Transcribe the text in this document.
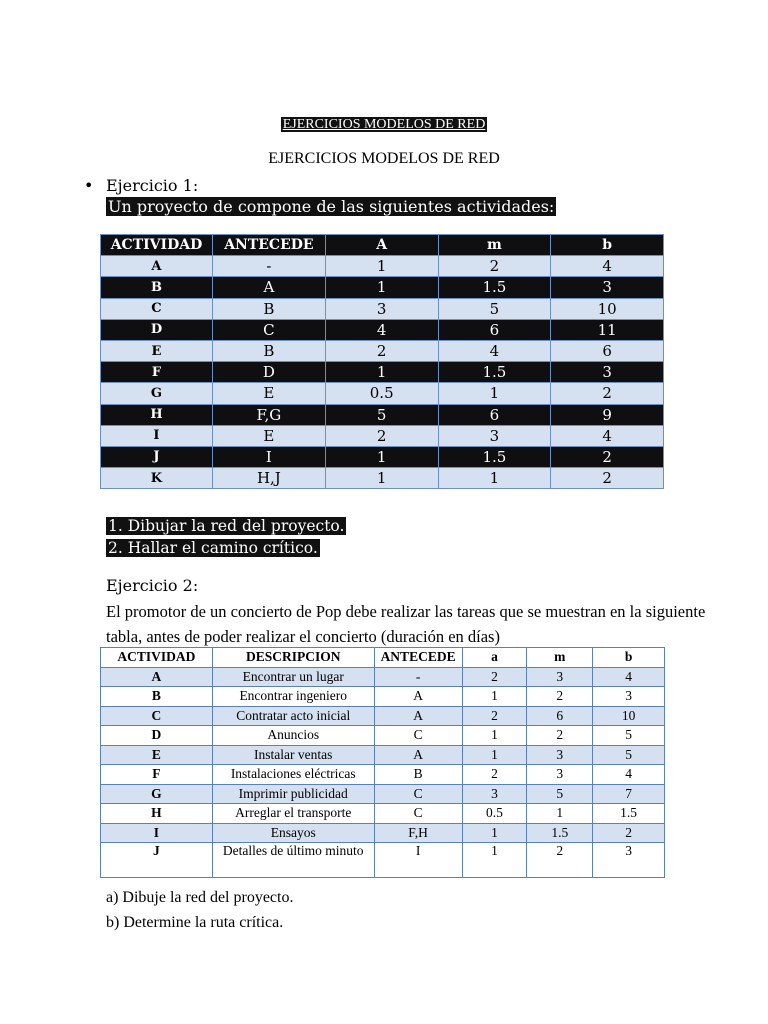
EJERCICIOS MODELOS DE RED
EJERCICIOS MODELOS DE RED
• Ejercicio 1:
Un proyecto de compone de las siguientes actividades:
ACTIVIDAD	ANTECEDE	A	m	b
A	-	1	2	4
B	A	1	1.5	3
C	B	3	5	10
D	C	4	6	11
E	B	2	4	6
F	D	1	1.5	3
G	E	0.5	1	2
H	F,G	5	6	9
I	E	2	3	4
J	I	1	1.5	2
K	H,J	1	1	2
1. Dibujar la red del proyecto.
2. Hallar el camino crítico.
Ejercicio 2:
El promotor de un concierto de Pop debe realizar las tareas que se muestran en la siguiente tabla, antes de poder realizar el concierto (duración en días)
ACTIVIDAD	DESCRIPCION	ANTECEDE	a	m	b
A	Encontrar un lugar	-	2	3	4
B	Encontrar ingeniero	A	1	2	3
C	Contratar acto inicial	A	2	6	10
D	Anuncios	C	1	2	5
E	Instalar ventas	A	1	3	5
F	Instalaciones eléctricas	B	2	3	4
G	Imprimir publicidad	C	3	5	7
H	Arreglar el transporte	C	0.5	1	1.5
I	Ensayos	F,H	1	1.5	2
J	Detalles de último minuto	I	1	2	3
a) Dibuje la red del proyecto.
b) Determine la ruta crítica.
